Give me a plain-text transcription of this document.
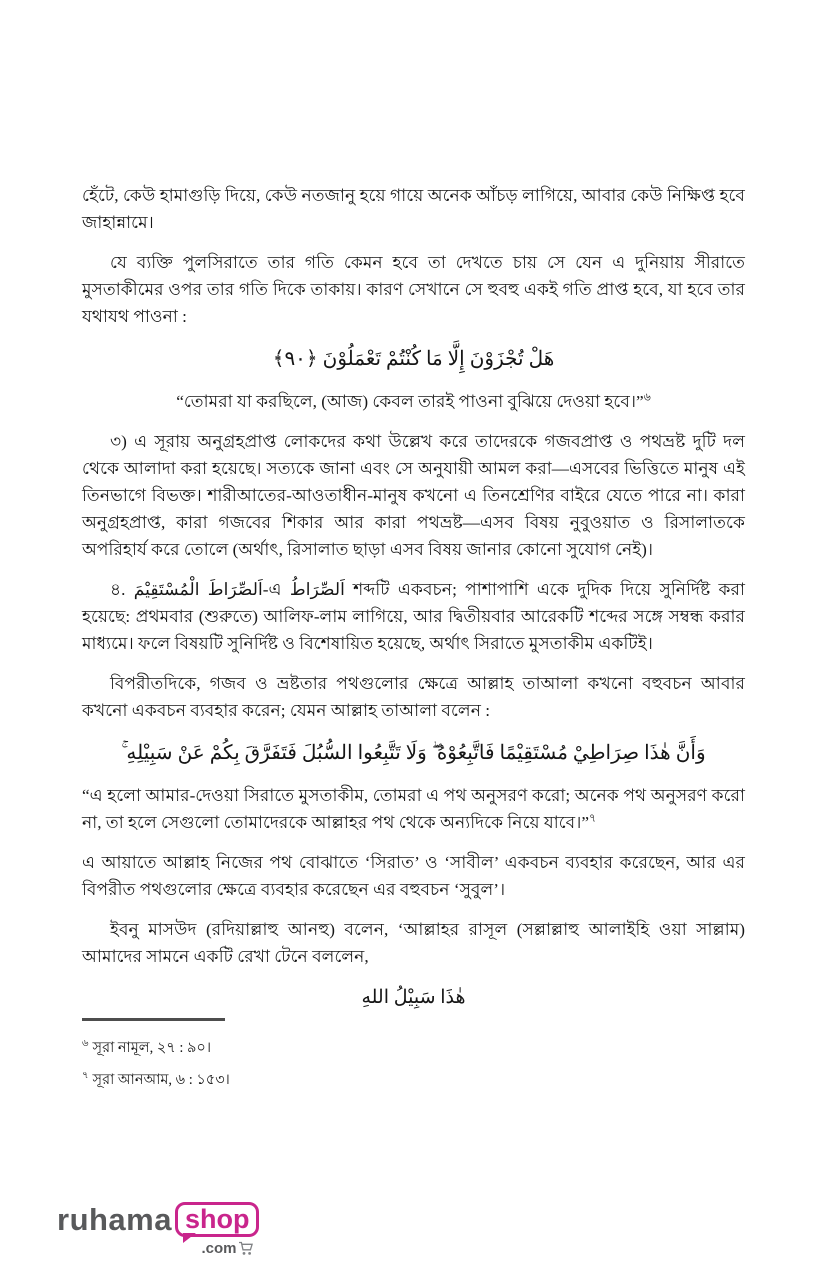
হেঁটে, কেউ হামাগুড়ি দিয়ে, কেউ নতজানু হয়ে গায়ে অনেক আঁচড় লাগিয়ে, আবার কেউ নিক্ষিপ্ত হবে জাহান্নামে।

যে ব্যক্তি পুলসিরাতে তার গতি কেমন হবে তা দেখতে চায় সে যেন এ দুনিয়ায় সীরাতে মুসতাকীমের ওপর তার গতি দিকে তাকায়। কারণ সেখানে সে হুবহু একই গতি প্রাপ্ত হবে, যা হবে তার যথাযথ পাওনা :

هَلْ تُجْزَوْنَ إِلَّا مَا كُنْتُمْ تَعْمَلُوْنَ ﴿٩٠﴾

“তোমরা যা করছিলে, (আজ) কেবল তারই পাওনা বুঝিয়ে দেওয়া হবে।”$^৬$

৩) এ সূরায় অনুগ্রহপ্রাপ্ত লোকদের কথা উল্লেখ করে তাদেরকে গজবপ্রাপ্ত ও পথভ্রষ্ট দুটি দল থেকে আলাদা করা হয়েছে। সত্যকে জানা এবং সে অনুযায়ী আমল করা—এসবের ভিত্তিতে মানুষ এই তিনভাগে বিভক্ত। শারীআতের-আওতাধীন-মানুষ কখনো এ তিনশ্রেণির বাইরে যেতে পারে না। কারা অনুগ্রহপ্রাপ্ত, কারা গজবের শিকার আর কারা পথভ্রষ্ট—এসব বিষয় নুবুওয়াত ও রিসালাতকে অপরিহার্য করে তোলে (অর্থাৎ, রিসালাত ছাড়া এসব বিষয় জানার কোনো সুযোগ নেই)।

৪. اَلصِّرَاطَ الْمُسْتَقِيْمَ-এ اَلصِّرَاطُ শব্দটি একবচন; পাশাপাশি একে দুদিক দিয়ে সুনির্দিষ্ট করা হয়েছে: প্রথমবার (শুরুতে) আলিফ-লাম লাগিয়ে, আর দ্বিতীয়বার আরেকটি শব্দের সঙ্গে সম্বন্ধ করার মাধ্যমে। ফলে বিষয়টি সুনির্দিষ্ট ও বিশেষায়িত হয়েছে, অর্থাৎ সিরাতে মুসতাকীম একটিই।

বিপরীতদিকে, গজব ও ভ্রষ্টতার পথগুলোর ক্ষেত্রে আল্লাহ তাআলা কখনো বহুবচন আবার কখনো একবচন ব্যবহার করেন; যেমন আল্লাহ তাআলা বলেন :

وَأَنَّ هٰذَا صِرَاطِيْ مُسْتَقِيْمًا فَاتَّبِعُوْهُ ۖ وَلَا تَتَّبِعُوا السُّبُلَ فَتَفَرَّقَ بِكُمْ عَنْ سَبِيْلِهِ ۚ

“এ হলো আমার-দেওয়া সিরাতে মুসতাকীম, তোমরা এ পথ অনুসরণ করো; অনেক পথ অনুসরণ করো না, তা হলে সেগুলো তোমাদেরকে আল্লাহর পথ থেকে অন্যদিকে নিয়ে যাবে।”$^৭$

এ আয়াতে আল্লাহ নিজের পথ বোঝাতে ‘সিরাত’ ও ‘সাবীল’ একবচন ব্যবহার করেছেন, আর এর বিপরীত পথগুলোর ক্ষেত্রে ব্যবহার করেছেন এর বহুবচন ‘সুবুল’।

ইবনু মাসউদ (রদিয়াল্লাহু আনহু) বলেন, ‘আল্লাহর রাসূল (সল্লাল্লাহু আলাইহি ওয়া সাল্লাম) আমাদের সামনে একটি রেখা টেনে বললেন,

هٰذَا سَبِيْلُ اللهِ

$^৬$ সূরা নামূল, ২৭ : ৯০।
$^৭$ সূরা আনআম, ৬ : ১৫৩।
ruhama shop
.com
